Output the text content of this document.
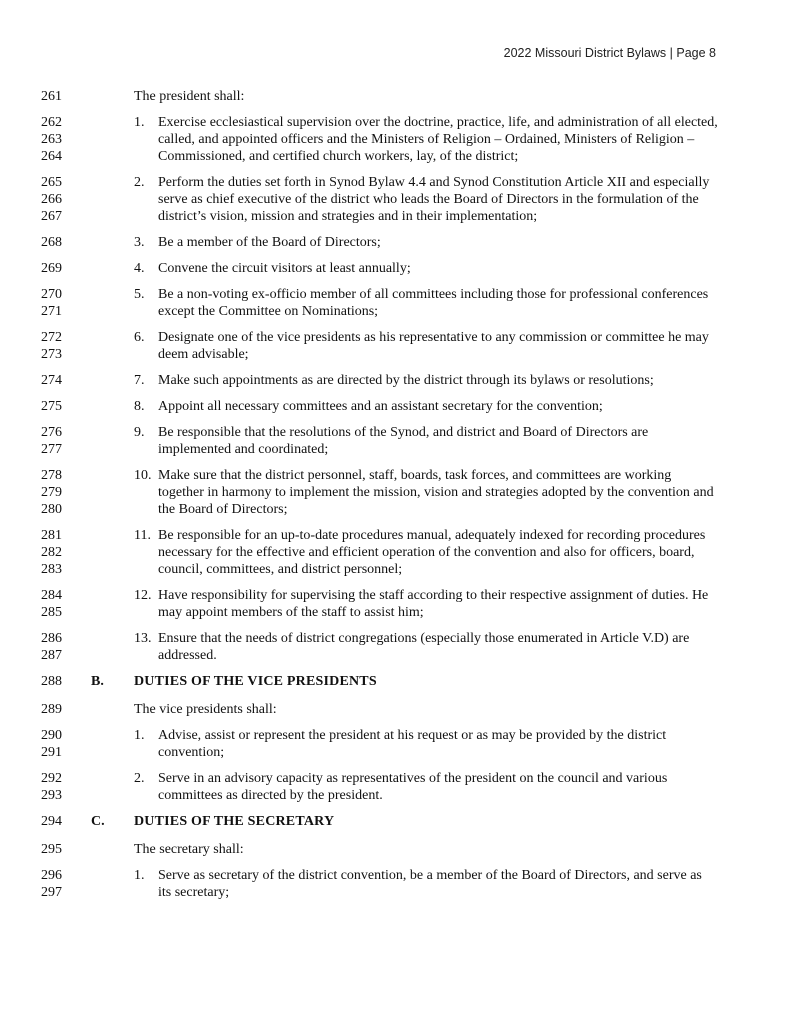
2022 Missouri District Bylaws | Page 8
261	The president shall:
262
263
264
1. Exercise ecclesiastical supervision over the doctrine, practice, life, and administration of all elected, called, and appointed officers and the Ministers of Religion – Ordained, Ministers of Religion – Commissioned, and certified church workers, lay, of the district;
265
266
267
2. Perform the duties set forth in Synod Bylaw 4.4 and Synod Constitution Article XII and especially serve as chief executive of the district who leads the Board of Directors in the formulation of the district’s vision, mission and strategies and in their implementation;
268	3. Be a member of the Board of Directors;
269	4. Convene the circuit visitors at least annually;
270
271
5. Be a non-voting ex-officio member of all committees including those for professional conferences except the Committee on Nominations;
272
273
6. Designate one of the vice presidents as his representative to any commission or committee he may deem advisable;
274	7. Make such appointments as are directed by the district through its bylaws or resolutions;
275	8. Appoint all necessary committees and an assistant secretary for the convention;
276
277
9. Be responsible that the resolutions of the Synod, and district and Board of Directors are implemented and coordinated;
278
279
280
10. Make sure that the district personnel, staff, boards, task forces, and committees are working together in harmony to implement the mission, vision and strategies adopted by the convention and the Board of Directors;
281
282
283
11. Be responsible for an up-to-date procedures manual, adequately indexed for recording procedures necessary for the effective and efficient operation of the convention and also for officers, board, council, committees, and district personnel;
284
285
12. Have responsibility for supervising the staff according to their respective assignment of duties. He may appoint members of the staff to assist him;
286
287
13. Ensure that the needs of district congregations (especially those enumerated in Article V.D) are addressed.
288	B. DUTIES OF THE VICE PRESIDENTS
289	The vice presidents shall:
290
291
1. Advise, assist or represent the president at his request or as may be provided by the district convention;
292
293
2. Serve in an advisory capacity as representatives of the president on the council and various committees as directed by the president.
294	C. DUTIES OF THE SECRETARY
295	The secretary shall:
296
297
1. Serve as secretary of the district convention, be a member of the Board of Directors, and serve as its secretary;
